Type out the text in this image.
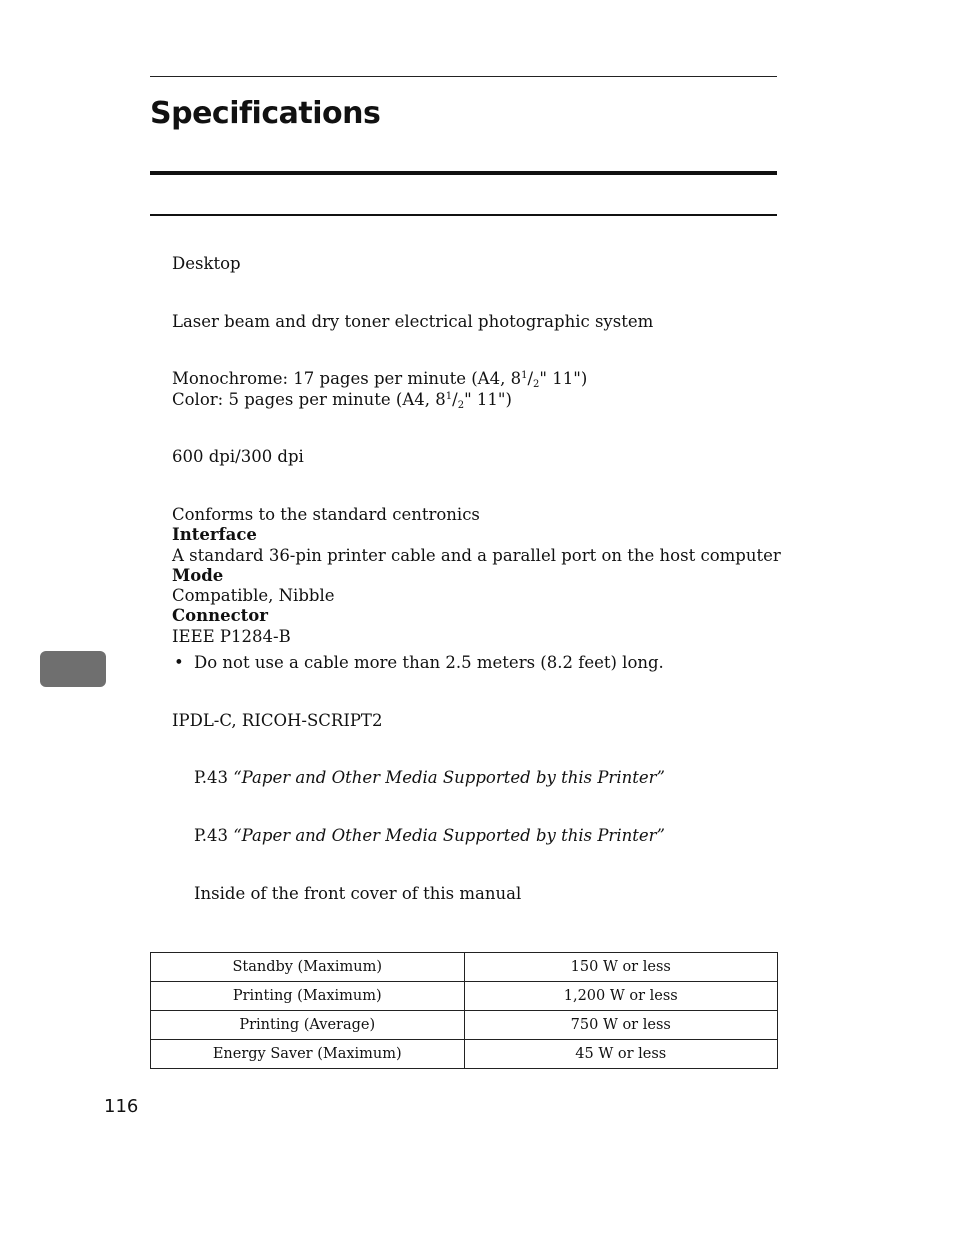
Specifications
Desktop
Laser beam and dry toner electrical photographic system
Monochrome: 17 pages per minute (A4, $8^1/_2$" 11")
Color: 5 pages per minute (A4, $8^1/_2$" 11")
600 dpi/300 dpi
Conforms to the standard centronics
Interface
A standard 36-pin printer cable and a parallel port on the host computer
Mode
Compatible, Nibble
Connector
IEEE P1284-B
• Do not use a cable more than 2.5 meters (8.2 feet) long.
IPDL-C, RICOH-SCRIPT2
P.43 “Paper and Other Media Supported by this Printer”
P.43 “Paper and Other Media Supported by this Printer”
Inside of the front cover of this manual
Standby (Maximum)	150 W or less
Printing (Maximum)	1,200 W or less
Printing (Average)	750 W or less
Energy Saver (Maximum)	45 W or less
116
